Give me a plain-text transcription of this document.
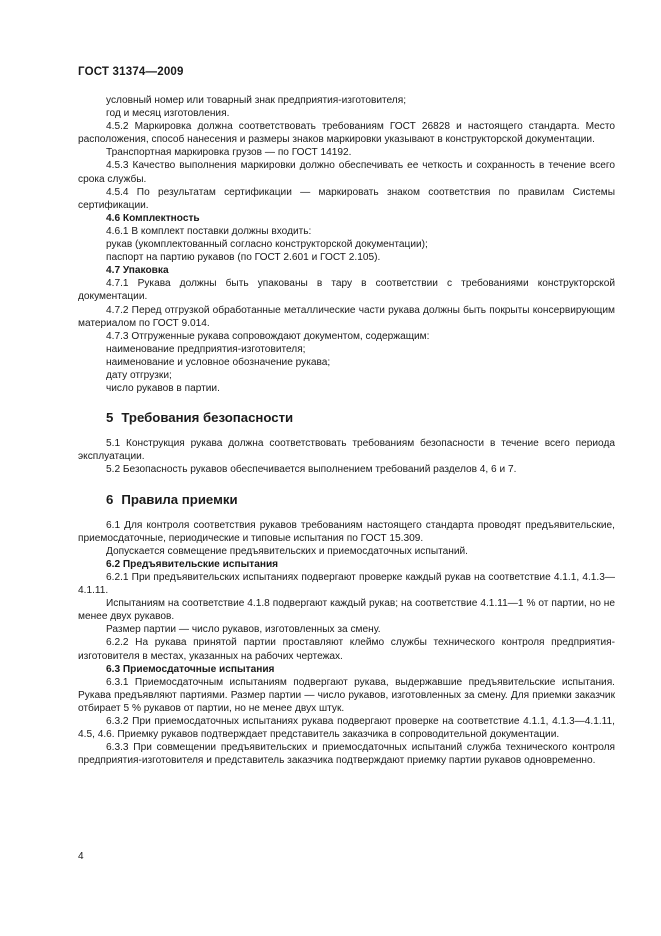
ГОСТ 31374—2009

условный номер или товарный знак предприятия-изготовителя;

год и месяц изготовления.

4.5.2 Маркировка должна соответствовать требованиям ГОСТ 26828 и настоящего стандарта. Место расположения, способ нанесения и размеры знаков маркировки указывают в конструкторской документации.

Транспортная маркировка грузов — по ГОСТ 14192.

4.5.3 Качество выполнения маркировки должно обеспечивать ее четкость и сохранность в течение всего срока службы.

4.5.4 По результатам сертификации — маркировать знаком соответствия по правилам Системы сертификации.

4.6 Комплектность

4.6.1 В комплект поставки должны входить:

рукав (укомплектованный согласно конструкторской документации);

паспорт на партию рукавов (по ГОСТ 2.601 и ГОСТ 2.105).

4.7 Упаковка

4.7.1 Рукава должны быть упакованы в тару в соответствии с требованиями конструкторской документации.

4.7.2 Перед отгрузкой обработанные металлические части рукава должны быть покрыты консервирующим материалом по ГОСТ 9.014.

4.7.3 Отгруженные рукава сопровождают документом, содержащим:

наименование предприятия-изготовителя;

наименование и условное обозначение рукава;

дату отгрузки;

число рукавов в партии.

5 Требования безопасности

5.1 Конструкция рукава должна соответствовать требованиям безопасности в течение всего периода эксплуатации.

5.2 Безопасность рукавов обеспечивается выполнением требований разделов 4, 6 и 7.

6 Правила приемки

6.1 Для контроля соответствия рукавов требованиям настоящего стандарта проводят предъявительские, приемосдаточные, периодические и типовые испытания по ГОСТ 15.309.

Допускается совмещение предъявительских и приемосдаточных испытаний.

6.2 Предъявительские испытания

6.2.1 При предъявительских испытаниях подвергают проверке каждый рукав на соответствие 4.1.1, 4.1.3—4.1.11.

Испытаниям на соответствие 4.1.8 подвергают каждый рукав; на соответствие 4.1.11—1 % от партии, но не менее двух рукавов.

Размер партии — число рукавов, изготовленных за смену.

6.2.2 На рукава принятой партии проставляют клеймо службы технического контроля предприятия-изготовителя в местах, указанных на рабочих чертежах.

6.3 Приемосдаточные испытания

6.3.1 Приемосдаточным испытаниям подвергают рукава, выдержавшие предъявительские испытания. Рукава предъявляют партиями. Размер партии — число рукавов, изготовленных за смену. Для приемки заказчик отбирает 5 % рукавов от партии, но не менее двух штук.

6.3.2 При приемосдаточных испытаниях рукава подвергают проверке на соответствие 4.1.1, 4.1.3—4.1.11, 4.5, 4.6. Приемку рукавов подтверждает представитель заказчика в сопроводительной документации.

6.3.3 При совмещении предъявительских и приемосдаточных испытаний служба технического контроля предприятия-изготовителя и представитель заказчика подтверждают приемку партии рукавов одновременно.

4
